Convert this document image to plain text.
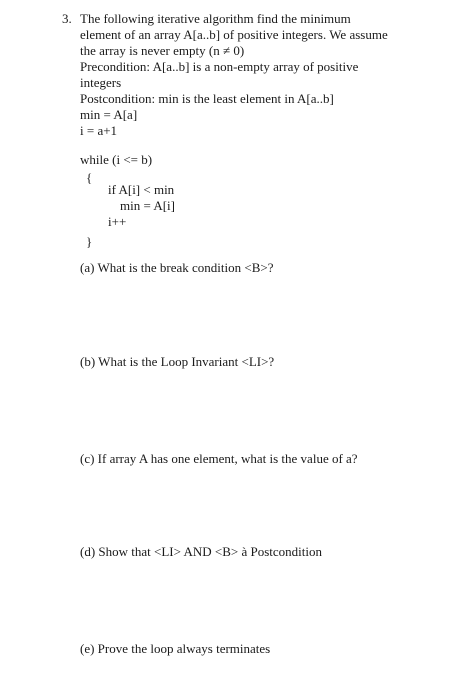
3. The following iterative algorithm find the minimum
element of an array A[a..b] of positive integers. We assume
the array is never empty (n ≠ 0)
Precondition: A[a..b] is a non-empty array of positive
integers
Postcondition: min is the least element in A[a..b]
min = A[a]
i = a+1
while (i <= b)
{
if A[i] < min
min = A[i]
i++
}
(a) What is the break condition <B>?
(b) What is the Loop Invariant <LI>?
(c) If array A has one element, what is the value of a?
(d) Show that <LI> AND <B> à Postcondition
(e) Prove the loop always terminates
